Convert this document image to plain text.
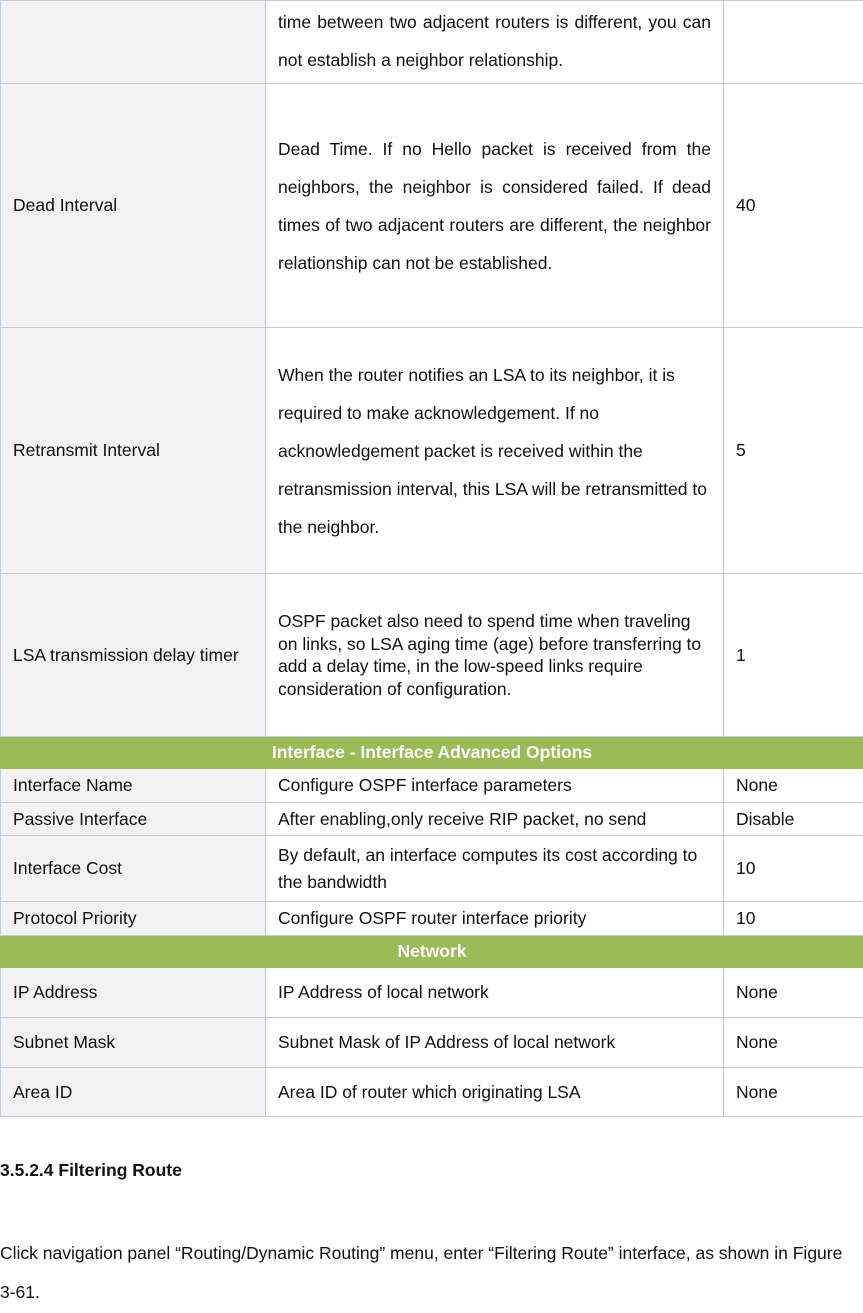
	time between two adjacent routers is different, you can not establish a neighbor relationship.	
Dead Interval	Dead Time. If no Hello packet is received from the neighbors, the neighbor is considered failed. If dead times of two adjacent routers are different, the neighbor relationship can not be established.	40
Retransmit Interval	When the router notifies an LSA to its neighbor, it is required to make acknowledgement. If no acknowledgement packet is received within the retransmission interval, this LSA will be retransmitted to the neighbor.	5
LSA transmission delay timer	OSPF packet also need to spend time when traveling on links, so LSA aging time (age) before transferring to add a delay time, in the low-speed links require consideration of configuration.	1
Interface - Interface Advanced Options		
Interface Name	Configure OSPF interface parameters	None
Passive Interface	After enabling,only receive RIP packet, no send	Disable
Interface Cost	By default, an interface computes its cost according to the bandwidth	10
Protocol Priority	Configure OSPF router interface priority	10
Network		
IP Address	IP Address of local network	None
Subnet Mask	Subnet Mask of IP Address of local network	None
Area ID	Area ID of router which originating LSA	None
3.5.2.4 Filtering Route
Click navigation panel “Routing/Dynamic Routing” menu, enter “Filtering Route” interface, as shown in Figure 3-61.
